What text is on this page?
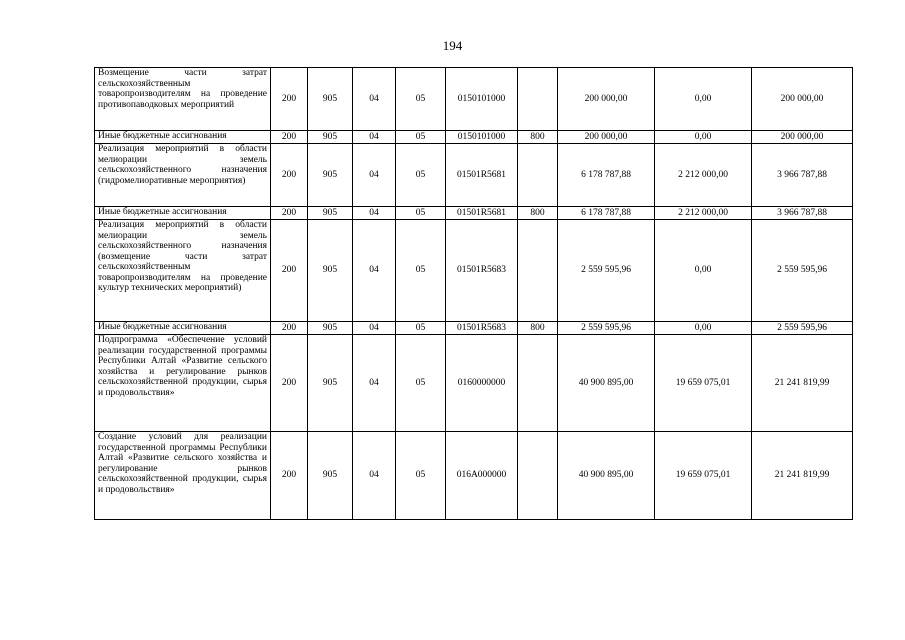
194
Возмещение части затрат сельскохозяйственным товаропроизводителям на проведение противопаводковых мероприятий	200	905	04	05	0150101000		200 000,00	0,00	200 000,00
Иные бюджетные ассигнования	200	905	04	05	0150101000	800	200 000,00	0,00	200 000,00
Реализация мероприятий в области мелиорации земель сельскохозяйственного назначения (гидромелиоративные мероприятия)	200	905	04	05	01501R5681		6 178 787,88	2 212 000,00	3 966 787,88
Иные бюджетные ассигнования	200	905	04	05	01501R5681	800	6 178 787,88	2 212 000,00	3 966 787,88
Реализация мероприятий в области мелиорации земель сельскохозяйственного назначения (возмещение части затрат сельскохозяйственным товаропроизводителям на проведение культур технических мероприятий)	200	905	04	05	01501R5683		2 559 595,96	0,00	2 559 595,96
Иные бюджетные ассигнования	200	905	04	05	01501R5683	800	2 559 595,96	0,00	2 559 595,96
Подпрограмма «Обеспечение условий реализации государственной программы Республики Алтай «Развитие сельского хозяйства и регулирование рынков сельскохозяйственной продукции, сырья и продовольствия»	200	905	04	05	0160000000		40 900 895,00	19 659 075,01	21 241 819,99
Создание условий для реализации государственной программы Республики Алтай «Развитие сельского хозяйства и регулирование рынков сельскохозяйственной продукции, сырья и продовольствия»	200	905	04	05	016A000000		40 900 895,00	19 659 075,01	21 241 819,99
